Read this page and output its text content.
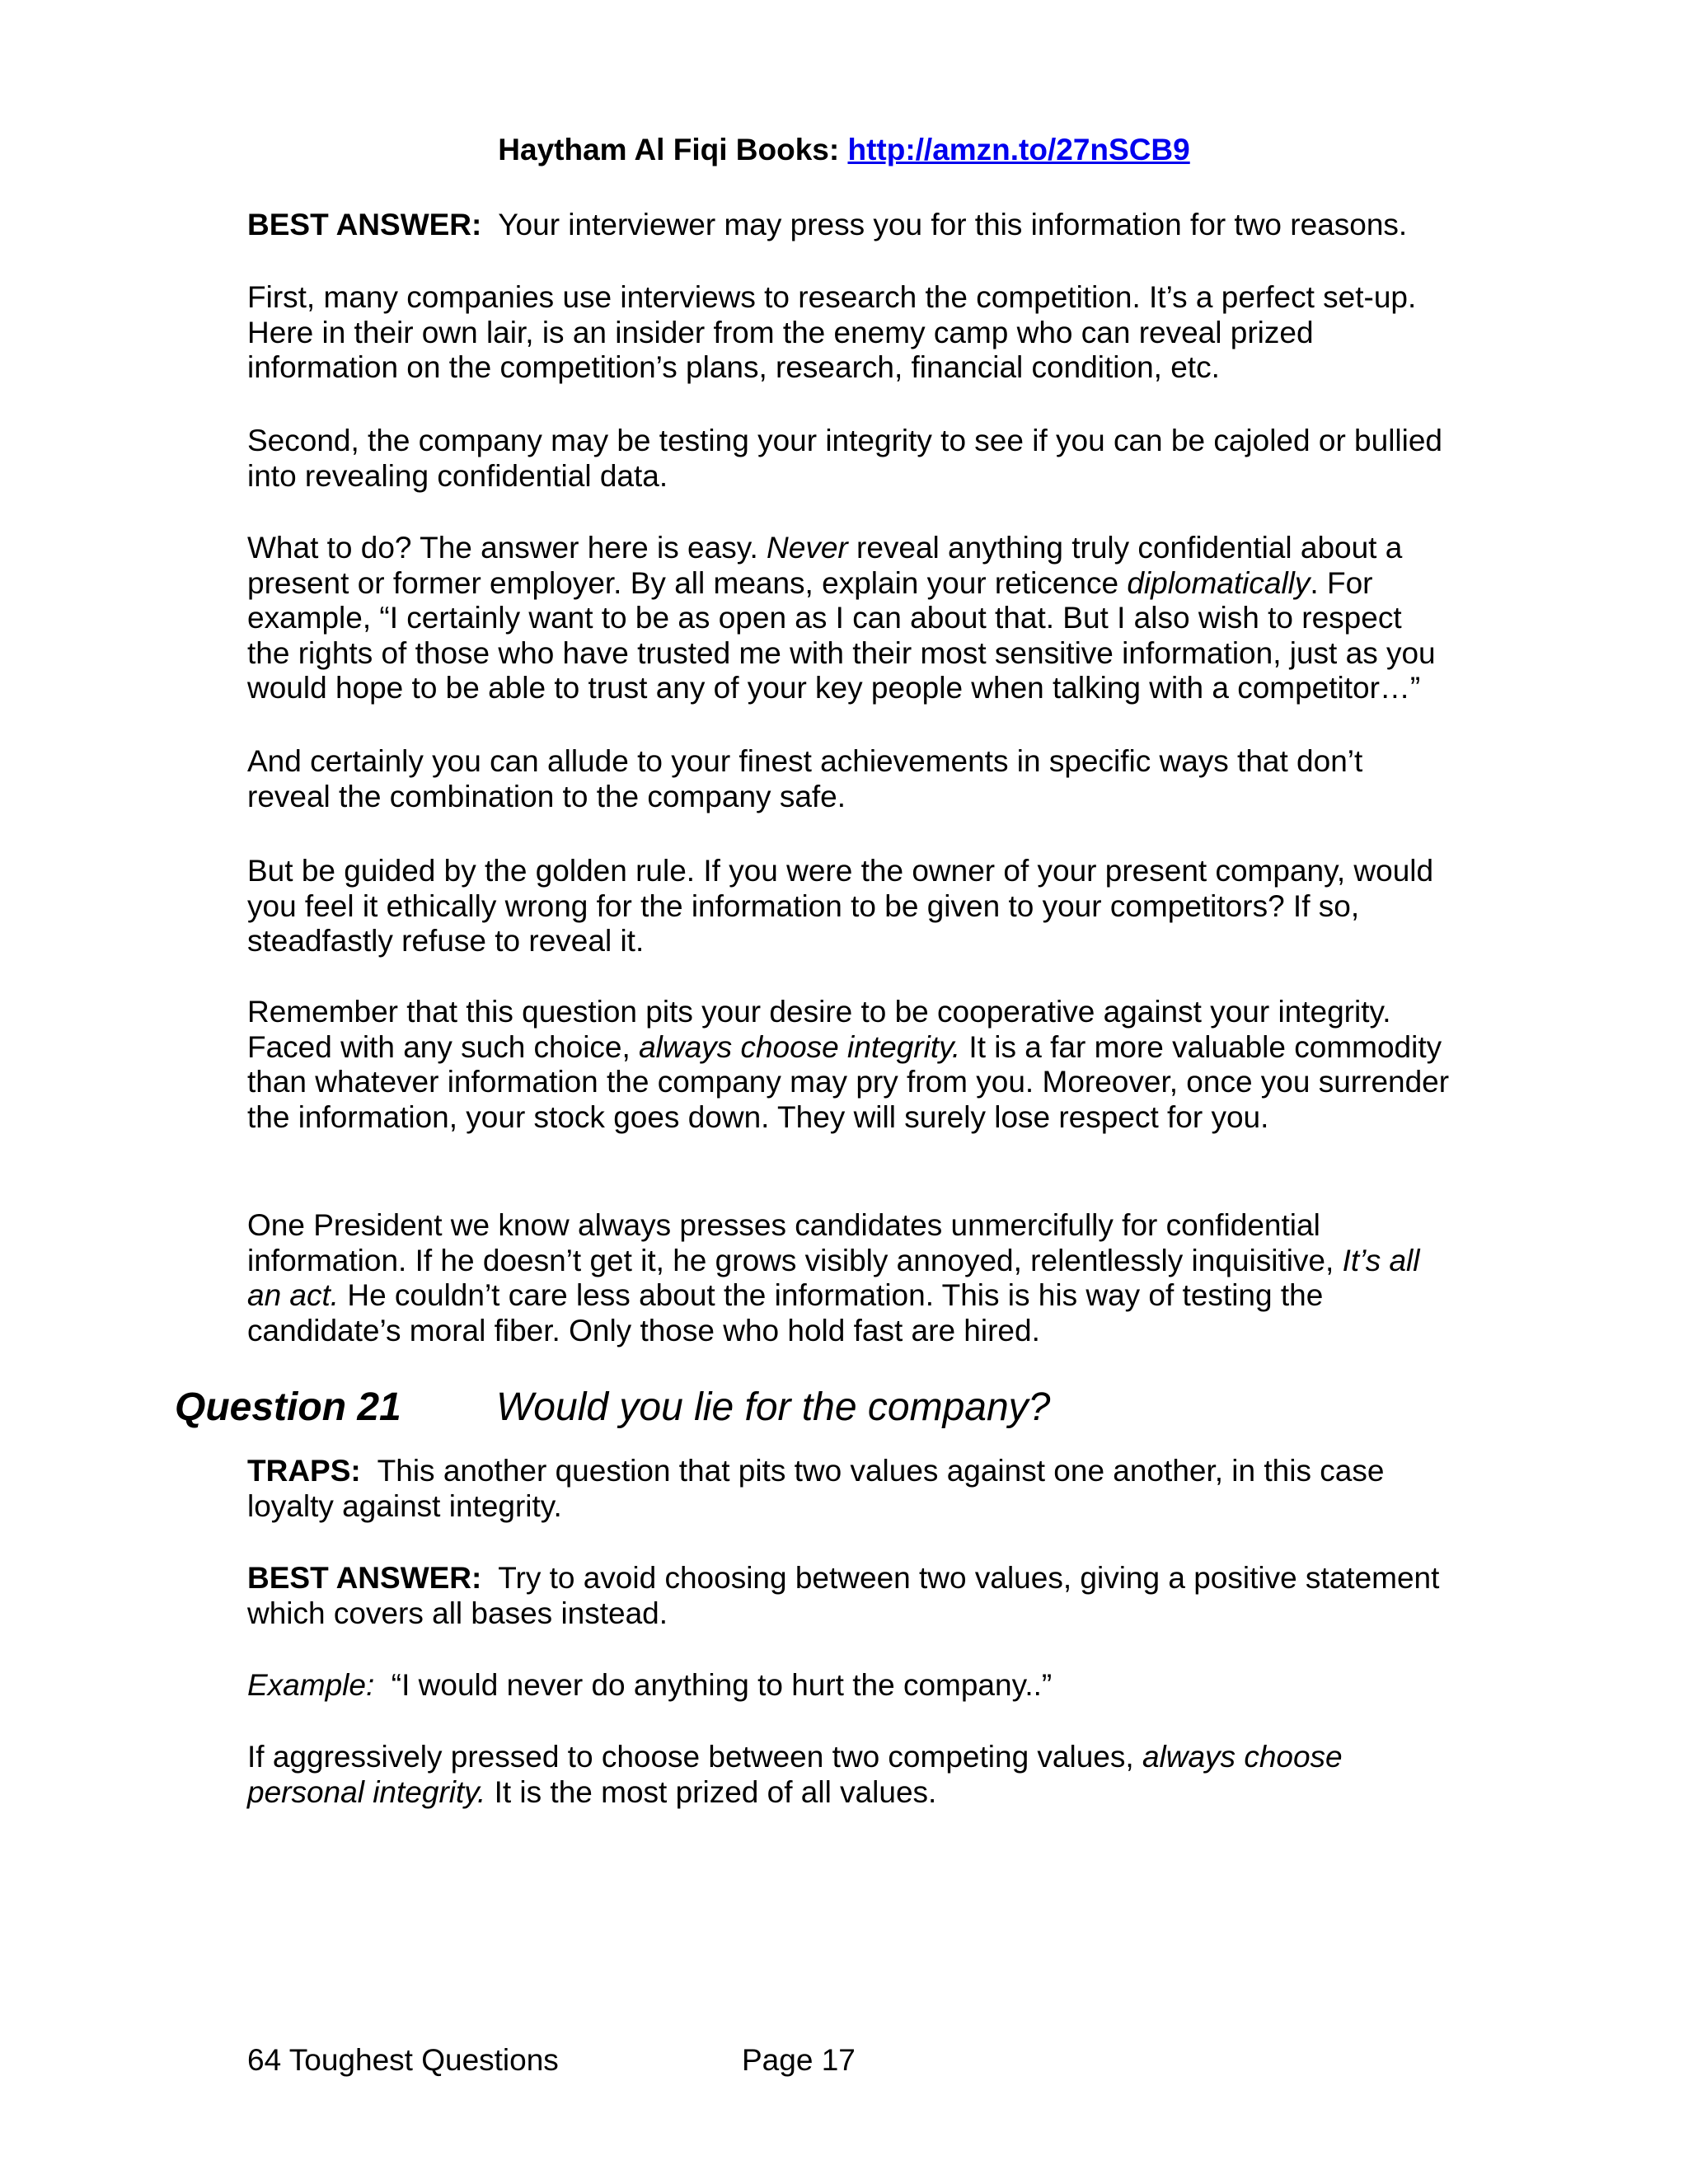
Haytham Al Fiqi Books: http://amzn.to/27nSCB9

BEST ANSWER: Your interviewer may press you for this information for two reasons.

First, many companies use interviews to research the competition. It’s a perfect set-up. Here in their own lair, is an insider from the enemy camp who can reveal prized information on the competition’s plans, research, financial condition, etc.

Second, the company may be testing your integrity to see if you can be cajoled or bullied into revealing confidential data.

What to do? The answer here is easy. Never reveal anything truly confidential about a present or former employer. By all means, explain your reticence diplomatically. For example, “I certainly want to be as open as I can about that. But I also wish to respect the rights of those who have trusted me with their most sensitive information, just as you would hope to be able to trust any of your key people when talking with a competitor…”

And certainly you can allude to your finest achievements in specific ways that don’t reveal the combination to the company safe.

But be guided by the golden rule. If you were the owner of your present company, would you feel it ethically wrong for the information to be given to your competitors? If so, steadfastly refuse to reveal it.

Remember that this question pits your desire to be cooperative against your integrity. Faced with any such choice, always choose integrity. It is a far more valuable commodity than whatever information the company may pry from you. Moreover, once you surrender the information, your stock goes down. They will surely lose respect for you.

One President we know always presses candidates unmercifully for confidential information. If he doesn’t get it, he grows visibly annoyed, relentlessly inquisitive, It’s all an act. He couldn’t care less about the information. This is his way of testing the candidate’s moral fiber. Only those who hold fast are hired.

Question 21 Would you lie for the company?

TRAPS: This another question that pits two values against one another, in this case loyalty against integrity.

BEST ANSWER: Try to avoid choosing between two values, giving a positive statement which covers all bases instead.

Example: “I would never do anything to hurt the company..”

If aggressively pressed to choose between two competing values, always choose personal integrity. It is the most prized of all values.

64 Toughest Questions	Page 17
